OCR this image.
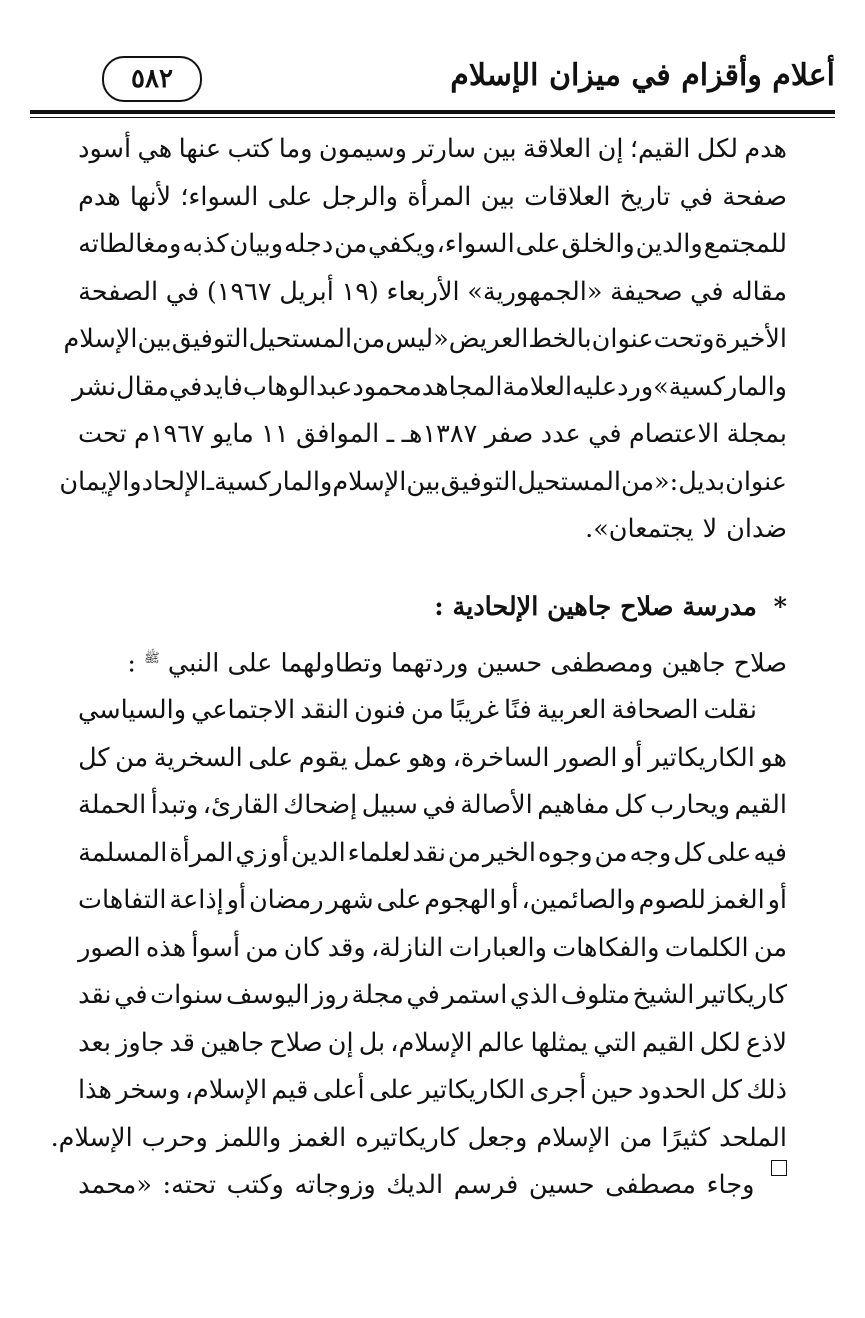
أعلام وأقزام في ميزان الإسلام
٥٨٢
هدم
لكل
القيم؛
إن
العلاقة
بين
سارتر
وسيمون
وما
كتب
عنها
هي
أسود
صفحة
في
تاريخ
العلاقات
بين
المرأة
والرجل
على
السواء؛
لأنها
هدم
للمجتمع
والدين
والخلق
على
السواء،
ويكفي
من
دجله
وبيان
كذبه
ومغالطاته
مقاله
في
صحيفة
«الجمهورية»
الأربعاء
(١٩
أبريل
١٩٦٧)
في
الصفحة
الأخيرة
وتحت
عنوان
بالخط
العريض
«ليس
من
المستحيل
التوفيق
بين
الإسلام
والماركسية»
ورد
عليه
العلامة
المجاهد
محمود
عبدالوهاب
فايد
في
مقال
نشر
بمجلة
الاعتصام
في
عدد
صفر
١٣٨٧هـ
ـ
الموافق
١١
مايو
١٩٦٧م
تحت
عنوان
بديل:
«من
المستحيل
التوفيق
بين
الإسلام
والماركسية
ـ
الإلحاد
والإيمان
ضدان
لا
يجتمعان».
* مدرسة صلاح جاهين الإلحادية :
صلاح جاهين ومصطفى حسين وردتهما وتطاولهما على النبي $^ﷺ$ :
نقلت
الصحافة
العربية
فنًا
غريبًا
من
فنون
النقد
الاجتماعي
والسياسي
هو
الكاريكاتير
أو
الصور
الساخرة،
وهو
عمل
يقوم
على
السخرية
من
كل
القيم
ويحارب
كل
مفاهيم
الأصالة
في
سبيل
إضحاك
القارئ،
وتبدأ
الحملة
فيه
على
كل
وجه
من
وجوه
الخير
من
نقد
لعلماء
الدين
أو
زي
المرأة
المسلمة
أو
الغمز
للصوم
والصائمين،
أو
الهجوم
على
شهر
رمضان
أو
إذاعة
التفاهات
من
الكلمات
والفكاهات
والعبارات
النازلة،
وقد
كان
من
أسوأ
هذه
الصور
كاريكاتير
الشيخ
متلوف
الذي
استمر
في
مجلة
روز
اليوسف
سنوات
في
نقد
لاذع
لكل
القيم
التي
يمثلها
عالم
الإسلام،
بل
إن
صلاح
جاهين
قد
جاوز
بعد
ذلك
كل
الحدود
حين
أجرى
الكاريكاتير
على
أعلى
قيم
الإسلام،
وسخر
هذا
الملحد
كثيرًا
من
الإسلام
وجعل
كاريكاتيره
الغمز
واللمز
وحرب
الإسلام.
وجاء
مصطفى
حسين
فرسم
الديك
وزوجاته
وكتب
تحته:
«محمد
